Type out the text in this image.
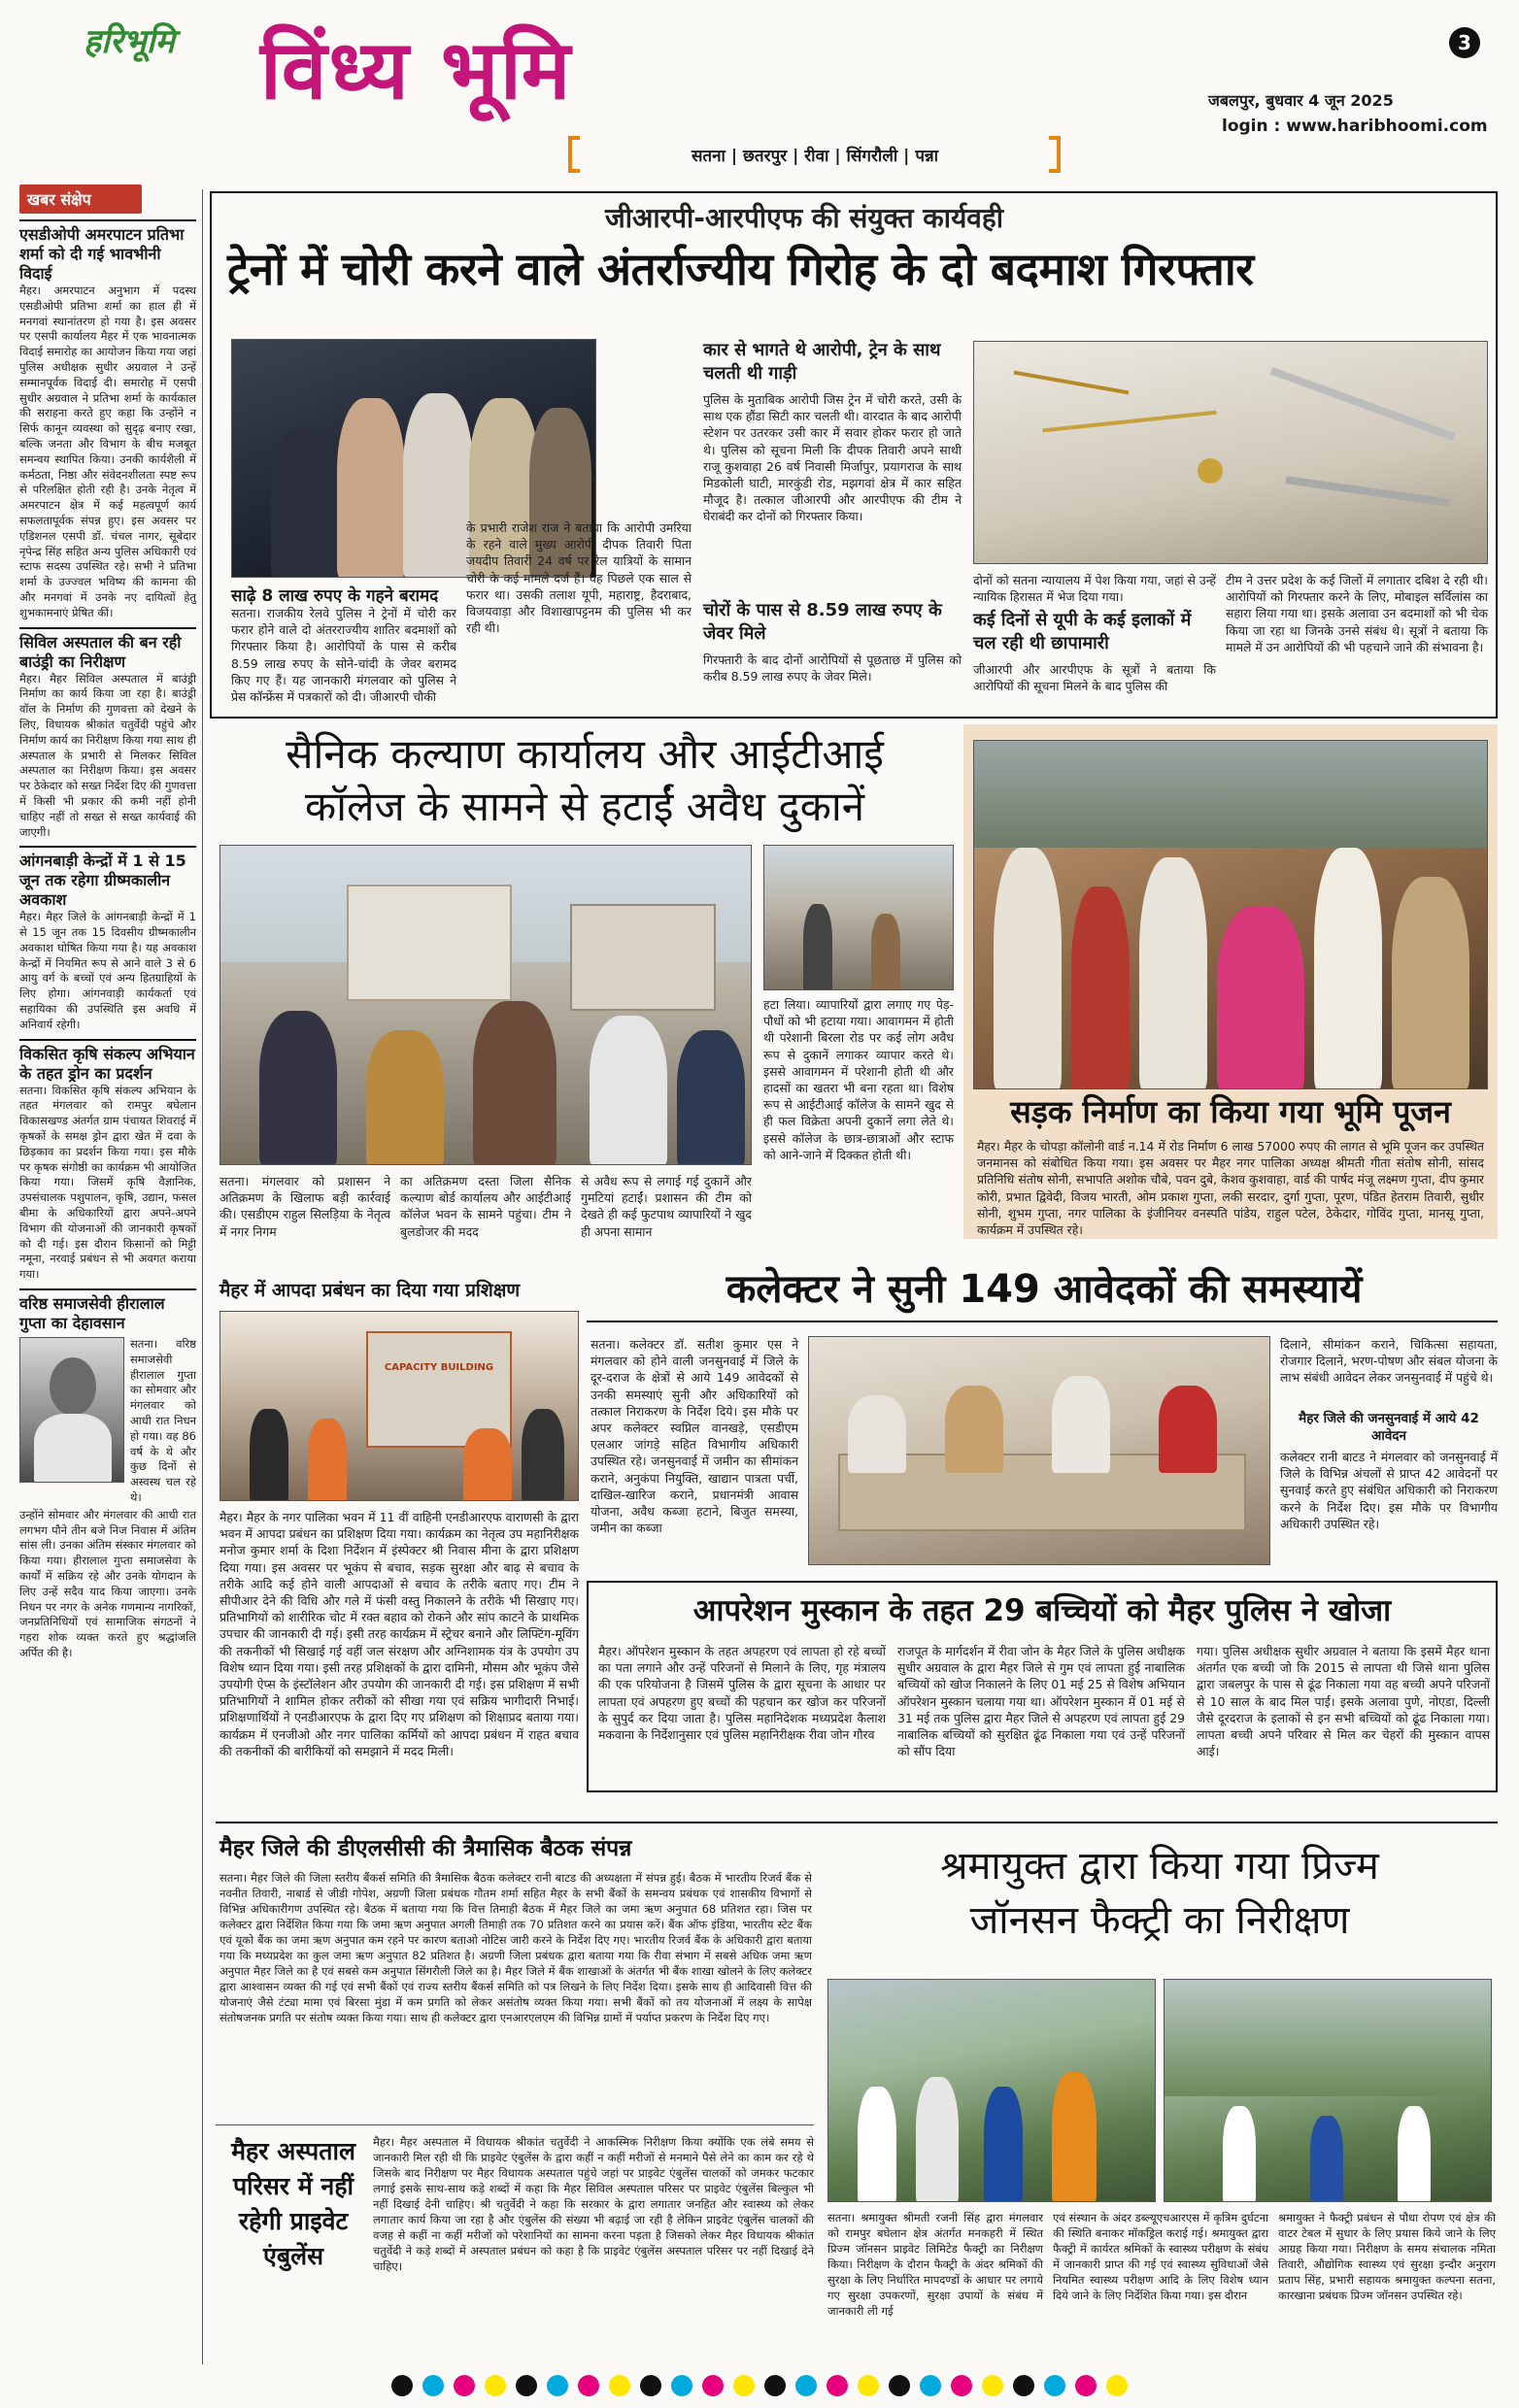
हरिभूमि विंध्य भूमि	3
जबलपुर, बुधवार 4 जून 2025
login : www.haribhoomi.com
सतना | छतरपुर | रीवा | सिंगरौली | पन्ना
खबर संक्षेप
एसडीओपी अमरपाटन प्रतिभा शर्मा को दी गई भावभीनी विदाई

मैहर। अमरपाटन अनुभाग में पदस्थ एसडीओपी प्रतिभा शर्मा का हाल ही में मनगवां स्थानांतरण हो गया है। इस अवसर पर एसपी कार्यालय मैहर में एक भावनात्मक विदाई समारोह का आयोजन किया गया जहां पुलिस अधीक्षक सुधीर अग्रवाल ने उन्हें सम्मानपूर्वक विदाई दी। समारोह में एसपी सुधीर अग्रवाल ने प्रतिभा शर्मा के कार्यकाल की सराहना करते हुए कहा कि उन्होंने न सिर्फ कानून व्यवस्था को सुदृढ़ बनाए रखा, बल्कि जनता और विभाग के बीच मजबूत समन्वय स्थापित किया। उनकी कार्यशैली में कर्मठता, निष्ठा और संवेदनशीलता स्पष्ट रूप से परिलक्षित होती रही है। उनके नेतृत्व में अमरपाटन क्षेत्र में कई महत्वपूर्ण कार्य सफलतापूर्वक संपन्न हुए। इस अवसर पर एडिशनल एसपी डॉ. चंचल नागर, सूबेदार नृपेन्द्र सिंह सहित अन्य पुलिस अधिकारी एवं स्टाफ सदस्य उपस्थित रहे। सभी ने प्रतिभा शर्मा के उज्ज्वल भविष्य की कामना की और मनगवां में उनके नए दायित्वों हेतु शुभकामनाएं प्रेषित कीं।

सिविल अस्पताल की बन रही बाउंड्री का निरीक्षण

मैहर। मैहर सिविल अस्पताल में बाउंड्री निर्माण का कार्य किया जा रहा है। बाउंड्री वॉल के निर्माण की गुणवत्ता को देखने के लिए, विधायक श्रीकांत चतुर्वेदी पहुंचे और निर्माण कार्य का निरीक्षण किया गया साथ ही अस्पताल के प्रभारी से मिलकर सिविल अस्पताल का निरीक्षण किया। इस अवसर पर ठेकेदार को सख्त निर्देश दिए की गुणवत्ता में किसी भी प्रकार की कमी नहीं होनी चाहिए नहीं तो सख्त से सख्त कार्यवाई की जाएगी।

आंगनबाड़ी केन्द्रों में 1 से 15 जून तक रहेगा ग्रीष्मकालीन अवकाश

मैहर। मैहर जिले के आंगनबाड़ी केन्द्रों में 1 से 15 जून तक 15 दिवसीय ग्रीष्मकालीन अवकाश घोषित किया गया है। यह अवकाश केन्द्रों में नियमित रूप से आने वाले 3 से 6 आयु वर्ग के बच्चों एवं अन्य हितग्राहियों के लिए होगा। आंगनवाड़ी कार्यकर्ता एवं सहायिका की उपस्थिति इस अवधि में अनिवार्य रहेगी।

विकसित कृषि संकल्प अभियान के तहत ड्रोन का प्रदर्शन

सतना। विकसित कृषि संकल्प अभियान के तहत मंगलवार को रामपुर बघेलान विकासखण्ड अंतर्गत ग्राम पंचायत शिवराई में कृषकों के समक्ष ड्रोन द्वारा खेत में दवा के छिड़काव का प्रदर्शन किया गया। इस मौके पर कृषक संगोष्ठी का कार्यक्रम भी आयोजित किया गया। जिसमें कृषि वैज्ञानिक, उपसंचालक पशुपालन, कृषि, उद्यान, फसल बीमा के अधिकारियों द्वारा अपने-अपने विभाग की योजनाओं की जानकारी कृषकों को दी गई। इस दौरान किसानों को मिट्टी नमूना, नरवाई प्रबंधन से भी अवगत कराया गया।

वरिष्ठ समाजसेवी हीरालाल गुप्ता का देहावसान

सतना। वरिष्ठ समाजसेवी हीरालाल गुप्ता का सोमवार और मंगलवार को आधी रात निधन हो गया। वह 86 वर्ष के थे और कुछ दिनों से अस्वस्थ चल रहे थे।

उन्होंने सोमवार और मंगलवार की आधी रात लगभग पौने तीन बजे निज निवास में अंतिम सांस ली। उनका अंतिम संस्कार मंगलवार को किया गया। हीरालाल गुप्ता समाजसेवा के कार्यों में सक्रिय रहे और उनके योगदान के लिए उन्हें सदैव याद किया जाएगा। उनके निधन पर नगर के अनेक गणमान्य नागरिकों, जनप्रतिनिधियों एवं सामाजिक संगठनों ने गहरा शोक व्यक्त करते हुए श्रद्धांजलि अर्पित की है।

जीआरपी-आरपीएफ की संयुक्त कार्यवही
ट्रेनों में चोरी करने वाले अंतर्राज्यीय गिरोह के दो बदमाश गिरफ्तार
साढ़े 8 लाख रुपए के गहने बरामद

सतना। राजकीय रेलवे पुलिस ने ट्रेनों में चोरी कर फरार होने वाले दो अंतरराज्यीय शातिर बदमाशों को गिरफ्तार किया है। आरोपियों के पास से करीब 8.59 लाख रुपए के सोने-चांदी के जेवर बरामद किए गए हैं। यह जानकारी मंगलवार को पुलिस ने प्रेस कॉन्फ्रेंस में पत्रकारों को दी। जीआरपी चौकी

के प्रभारी राजेश राज ने बताया कि आरोपी उमरिया के रहने वाले मुख्य आरोपी दीपक तिवारी पिता जयदीप तिवारी 24 वर्ष पर रेल यात्रियों के सामान चोरी के कई मामले दर्ज हैं। वह पिछले एक साल से फरार था। उसकी तलाश यूपी, महाराष्ट्र, हैदराबाद, विजयवाड़ा और विशाखापट्टनम की पुलिस भी कर रही थी।

कार से भागते थे आरोपी, ट्रेन के साथ चलती थी गाड़ी

पुलिस के मुताबिक आरोपी जिस ट्रेन में चोरी करते, उसी के साथ एक हौंडा सिटी कार चलती थी। वारदात के बाद आरोपी स्टेशन पर उतरकर उसी कार में सवार होकर फरार हो जाते थे। पुलिस को सूचना मिली कि दीपक तिवारी अपने साथी राजू कुशवाहा 26 वर्ष निवासी मिर्जापुर, प्रयागराज के साथ मिडकोली घाटी, मारकुंडी रोड, मझगवां क्षेत्र में कार सहित मौजूद है। तत्काल जीआरपी और आरपीएफ की टीम ने घेराबंदी कर दोनों को गिरफ्तार किया।

चोरों के पास से 8.59 लाख रुपए के जेवर मिले

गिरफ्तारी के बाद दोनों आरोपियों से पूछताछ में पुलिस को करीब 8.59 लाख रुपए के जेवर मिले।

दोनों को सतना न्यायालय में पेश किया गया, जहां से उन्हें न्यायिक हिरासत में भेज दिया गया।

कई दिनों से यूपी के कई इलाकों में चल रही थी छापामारी

जीआरपी और आरपीएफ के सूत्रों ने बताया कि आरोपियों की सूचना मिलने के बाद पुलिस की

टीम ने उत्तर प्रदेश के कई जिलों में लगातार दबिश दे रही थी। आरोपियों को गिरफ्तार करने के लिए, मोबाइल सर्विलांस का सहारा लिया गया था। इसके अलावा उन बदमाशों को भी चेक किया जा रहा था जिनके उनसे संबंध थे। सूत्रों ने बताया कि मामले में उन आरोपियों की भी पहचाने जाने की संभावना है।

सैनिक कल्याण कार्यालय और आईटीआई
कॉलेज के सामने से हटाईं अवैध दुकानें

हटा लिया। व्यापारियों द्वारा लगाए गए पेड़-पौधों को भी हटाया गया। आवागमन में होती थी परेशानी बिरला रोड पर कई लोग अवैध रूप से दुकानें लगाकर व्यापार करते थे। इससे आवागमन में परेशानी होती थी और हादसों का खतरा भी बना रहता था। विशेष रूप से आईटीआई कॉलेज के सामने खुद से ही फल विक्रेता अपनी दुकानें लगा लेते थे। इससे कॉलेज के छात्र-छात्राओं और स्टाफ को आने-जाने में दिक्कत होती थी।

सतना। मंगलवार को प्रशासन ने अतिक्रमण के खिलाफ बड़ी कार्रवाई की। एसडीएम राहुल सिलड़िया के नेतृत्व में नगर निगम

का अतिक्रमण दस्ता जिला सैनिक कल्याण बोर्ड कार्यालय और आईटीआई कॉलेज भवन के सामने पहुंचा। टीम ने बुलडोजर की मदद

से अवैध रूप से लगाई गई दुकानें और गुमटियां हटाईं। प्रशासन की टीम को देखते ही कई फुटपाथ व्यापारियों ने खुद ही अपना सामान

सड़क निर्माण का किया गया भूमि पूजन

मैहर। मैहर के चोपड़ा कॉलोनी वार्ड न.14 में रोड निर्माण 6 लाख 57000 रुपए की लागत से भूमि पूजन कर उपस्थित जनमानस को संबोधित किया गया। इस अवसर पर मैहर नगर पालिका अध्यक्ष श्रीमती गीता संतोष सोनी, सांसद प्रतिनिधि संतोष सोनी, सभापति अशोक चौबे, पवन दुबे, केशव कुशवाहा, वार्ड की पार्षद मंजू लक्ष्मण गुप्ता, दीप कुमार कोरी, प्रभात द्विवेदी, विजय भारती, ओम प्रकाश गुप्ता, लकी सरदार, दुर्गा गुप्ता, पूरण, पंडित हेतराम तिवारी, सुधीर सोनी, शुभम गुप्ता, नगर पालिका के इंजीनियर वनस्पति पांडेय, राहुल पटेल, ठेकेदार, गोविंद गुप्ता, मानसू गुप्ता, कार्यक्रम में उपस्थित रहे।

मैहर में आपदा प्रबंधन का दिया गया प्रशिक्षण
CAPACITY BUILDING

मैहर। मैहर के नगर पालिका भवन में 11 वीं वाहिनी एनडीआरएफ वाराणसी के द्वारा भवन में आपदा प्रबंधन का प्रशिक्षण दिया गया। कार्यक्रम का नेतृत्व उप महानिरीक्षक मनोज कुमार शर्मा के दिशा निर्देशन में इंस्पेक्टर श्री निवास मीना के द्वारा प्रशिक्षण दिया गया। इस अवसर पर भूकंप से बचाव, सड़क सुरक्षा और बाढ़ से बचाव के तरीके आदि कई होने वाली आपदाओं से बचाव के तरीके बताए गए। टीम ने सीपीआर देने की विधि और गले में फंसी वस्तु निकालने के तरीके भी सिखाए गए। प्रतिभागियों को शारीरिक चोट में रक्त बहाव को रोकने और सांप काटने के प्राथमिक उपचार की जानकारी दी गई। इसी तरह कार्यक्रम में स्ट्रेचर बनाने और लिफ्टिंग-मूविंग की तकनीकों भी सिखाई गई वहीं जल संरक्षण और अग्निशामक यंत्र के उपयोग उप विशेष ध्यान दिया गया। इसी तरह प्रशिक्षकों के द्वारा दामिनी, मौसम और भूकंप जैसे उपयोगी ऐप्स के इंस्टॉलेशन और उपयोग की जानकारी दी गई। इस प्रशिक्षण में सभी प्रतिभागियों ने शामिल होकर तरीकों को सीखा गया एवं सक्रिय भागीदारी निभाई। प्रशिक्षणार्थियों ने एनडीआरएफ के द्वारा दिए गए प्रशिक्षण को शिक्षाप्रद बताया गया। कार्यक्रम में एनजीओ और नगर पालिका कर्मियों को आपदा प्रबंधन में राहत बचाव की तकनीकों की बारीकियों को समझाने में मदद मिली।

कलेक्टर ने सुनी 149 आवेदकों की समस्यायें

सतना। कलेक्टर डॉ. सतीश कुमार एस ने मंगलवार को होने वाली जनसुनवाई में जिले के दूर-दराज के क्षेत्रों से आये 149 आवेदकों से उनकी समस्याएं सुनी और अधिकारियों को तत्काल निराकरण के निर्देश दिये। इस मौके पर अपर कलेक्टर स्वप्निल वानखड़े, एसडीएम एलआर जांगड़े सहित विभागीय अधिकारी उपस्थित रहे। जनसुनवाई में जमीन का सीमांकन कराने, अनुकंपा नियुक्ति, खाद्यान पात्रता पर्ची, दाखिल-खारिज कराने, प्रधानमंत्री आवास योजना, अवैध कब्जा हटाने, बिजुत समस्या, जमीन का कब्जा

दिलाने, सीमांकन कराने, चिकित्सा सहायता, रोजगार दिलाने, भरण-पोषण और संबल योजना के लाभ संबंधी आवेदन लेकर जनसुनवाई में पहुंचे थे।

मैहर जिले की जनसुनवाई में आये 42 आवेदन

कलेक्टर रानी बाटड ने मंगलवार को जनसुनवाई में जिले के विभिन्न अंचलों से प्राप्त 42 आवेदनों पर सुनवाई करते हुए संबंधित अधिकारी को निराकरण करने के निर्देश दिए। इस मौके पर विभागीय अधिकारी उपस्थित रहे।

आपरेशन मुस्कान के तहत 29 बच्चियों को मैहर पुलिस ने खोजा

मैहर। ऑपरेशन मुस्कान के तहत अपहरण एवं लापता हो रहे बच्चों का पता लगाने और उन्हें परिजनों से मिलाने के लिए, गृह मंत्रालय की एक परियोजना है जिसमें पुलिस के द्वारा सूचना के आधार पर लापता एवं अपहरण हुए बच्चों की पहचान कर खोज कर परिजनों के सुपुर्द कर दिया जाता है। पुलिस महानिदेशक मध्यप्रदेश कैलाश मकवाना के निर्देशानुसार एवं पुलिस महानिरीक्षक रीवा जोन गौरव

राजपूत के मार्गदर्शन में रीवा जोन के मैहर जिले के पुलिस अधीक्षक सुधीर अग्रवाल के द्वारा मैहर जिले से गुम एवं लापता हुई नाबालिक बच्चियों को खोज निकालने के लिए 01 मई 25 से विशेष अभियान ऑपरेशन मुस्कान चलाया गया था। ऑपरेशन मुस्कान में 01 मई से 31 मई तक पुलिस द्वारा मैहर जिले से अपहरण एवं लापता हुई 29 नाबालिक बच्चियों को सुरक्षित ढूंढ निकाला गया एवं उन्हें परिजनों को सौंप दिया

गया। पुलिस अधीक्षक सुधीर अग्रवाल ने बताया कि इसमें मैहर थाना अंतर्गत एक बच्ची जो कि 2015 से लापता थी जिसे थाना पुलिस द्वारा जबलपुर के पास से ढूंढ निकाला गया वह बच्ची अपने परिजनों से 10 साल के बाद मिल पाई। इसके अलावा पुणे, नोएडा, दिल्ली जैसे दूरदराज के इलाकों से इन सभी बच्चियों को ढूंढ निकाला गया। लापता बच्ची अपने परिवार से मिल कर चेहरों की मुस्कान वापस आई।

मैहर जिले की डीएलसीसी की त्रैमासिक बैठक संपन्न

सतना। मैहर जिले की जिला स्तरीय बैंकर्स समिति की त्रैमासिक बैठक कलेक्टर रानी बाटड की अध्यक्षता में संपन्न हुई। बैठक में भारतीय रिजर्व बैंक से नवनीत तिवारी, नाबार्ड से जीडी गोपेश, अग्रणी जिला प्रबंधक गौतम शर्मा सहित मैहर के सभी बैंकों के समन्वय प्रबंधक एवं शासकीय विभागों से विभिन्न अधिकारीगण उपस्थित रहे। बैठक में बताया गया कि वित्त तिमाही बैठक में मैहर जिले का जमा ऋण अनुपात 68 प्रतिशत रहा। जिस पर कलेक्टर द्वारा निर्देशित किया गया कि जमा ऋण अनुपात अगली तिमाही तक 70 प्रतिशत करने का प्रयास करें। बैंक ऑफ इंडिया, भारतीय स्टेट बैंक एवं यूको बैंक का जमा ऋण अनुपात कम रहने पर कारण बताओ नोटिस जारी करने के निर्देश दिए गए। भारतीय रिजर्व बैंक के अधिकारी द्वारा बताया गया कि मध्यप्रदेश का कुल जमा ऋण अनुपात 82 प्रतिशत है। अग्रणी जिला प्रबंधक द्वारा बताया गया कि रीवा संभाग में सबसे अधिक जमा ऋण अनुपात मैहर जिले का है एवं सबसे कम अनुपात सिंगरौली जिले का है। मैहर जिले में बैंक शाखाओं के अंतर्गत भी बैंक शाखा खोलने के लिए कलेक्टर द्वारा आश्वासन व्यक्त की गई एवं सभी बैंकों एवं राज्य स्तरीय बैंकर्स समिति को पत्र लिखने के लिए निर्देश दिया। इसके साथ ही आदिवासी वित्त की योजनाएं जैसे टंट्या मामा एवं बिरसा मुंडा में कम प्रगति को लेकर असंतोष व्यक्त किया गया। सभी बैंकों को तय योजनाओं में लक्ष्य के सापेक्ष संतोषजनक प्रगति पर संतोष व्यक्त किया गया। साथ ही कलेक्टर द्वारा एनआरएलएम की विभिन्न ग्रामों में पर्याप्त प्रकरण के निर्देश दिए गए।

मैहर अस्पताल परिसर में नहीं रहेगी प्राइवेट एंबुलेंस

मैहर। मैहर अस्पताल में विधायक श्रीकांत चतुर्वेदी ने आकस्मिक निरीक्षण किया क्योंकि एक लंबे समय से जानकारी मिल रही थी कि प्राइवेट एंबुलेंस के द्वारा कहीं न कहीं मरीजों से मनमाने पैसे लेने का काम कर रहे थे जिसके बाद निरीक्षण पर मैहर विधायक अस्पताल पहुंचे जहां पर प्राइवेट एंबुलेंस चालकों को जमकर फटकार लगाई इसके साथ-साथ कड़े शब्दों में कहा कि मैहर सिविल अस्पताल परिसर पर प्राइवेट एंबुलेंस बिल्कुल भी नहीं दिखाई देनी चाहिए। श्री चतुर्वेदी ने कहा कि सरकार के द्वारा लगातार जनहित और स्वास्थ्य को लेकर लगातार कार्य किया जा रहा है और एंबुलेंस की संख्या भी बढ़ाई जा रही है लेकिन प्राइवेट एंबुलेंस चालकों की वजह से कहीं ना कहीं मरीजों को परेशानियों का सामना करना पड़ता है जिसको लेकर मैहर विधायक श्रीकांत चतुर्वेदी ने कड़े शब्दों में अस्पताल प्रबंधन को कहा है कि प्राइवेट एंबुलेंस अस्पताल परिसर पर नहीं दिखाई देने चाहिए।

श्रमायुक्त द्वारा किया गया प्रिज्म
जॉनसन फैक्ट्री का निरीक्षण

सतना। श्रमायुक्त श्रीमती रजनी सिंह द्वारा मंगलवार को रामपुर बघेलान क्षेत्र अंतर्गत मनकहरी में स्थित प्रिज्म जॉनसन प्राइवेट लिमिटेड फैक्ट्री का निरीक्षण किया। निरीक्षण के दौरान फैक्ट्री के अंदर श्रमिकों की सुरक्षा के लिए निर्धारित मापदण्डों के आधार पर लगाये गए सुरक्षा उपकरणों, सुरक्षा उपायों के संबंध में जानकारी ली गई

एवं संस्थान के अंदर डब्ल्यूएचआरएस में कृत्रिम दुर्घटना की स्थिति बनाकर मॉकड्रिल कराई गई। श्रमायुक्त द्वारा फैक्ट्री में कार्यरत श्रमिकों के स्वास्थ्य परीक्षण के संबंध में जानकारी प्राप्त की गई एवं स्वास्थ्य सुविधाओं जैसे नियमित स्वास्थ्य परीक्षण आदि के लिए विशेष ध्यान दिये जाने के लिए निर्देशित किया गया। इस दौरान

श्रमायुक्त ने फैक्ट्री प्रबंधन से पौधा रोपण एवं क्षेत्र की वाटर टेबल में सुधार के लिए प्रयास किये जाने के लिए आग्रह किया गया। निरीक्षण के समय संचालक नमिता तिवारी, औद्योगिक स्वास्थ्य एवं सुरक्षा इन्दौर अनुराग प्रताप सिंह, प्रभारी सहायक श्रमायुक्त कल्पना सतना, कारखाना प्रबंधक प्रिज्म जॉनसन उपस्थित रहे।
